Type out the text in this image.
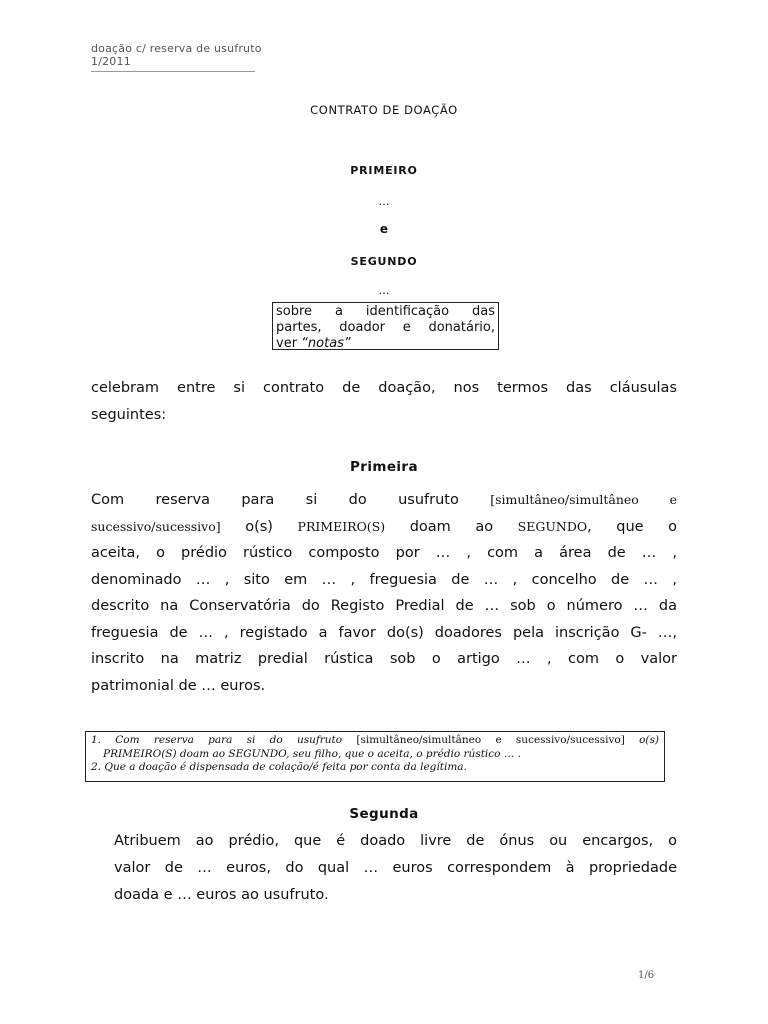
doação c/ reserva de usufruto
1/2011
CONTRATO DE DOAÇÃO
PRIMEIRO
…
e
SEGUNDO
…
sobre a identificação das
partes, doador e donatário,
ver “notas”
celebram entre si contrato de doação, nos termos das cláusulas
seguintes:
Primeira
Com reserva para si do usufruto [simultâneo/simultâneo e
sucessivo/sucessivo] o(s) PRIMEIRO(S) doam ao SEGUNDO, que o
aceita, o prédio rústico composto por … , com a área de … ,
denominado … , sito em … , freguesia de … , concelho de … ,
descrito na Conservatória do Registo Predial de … sob o número … da
freguesia de … , registado a favor do(s) doadores pela inscrição G- …,
inscrito na matriz predial rústica sob o artigo … , com o valor
patrimonial de … euros.
1. Com reserva para si do usufruto [simultâneo/simultâneo e sucessivo/sucessivo] o(s)
PRIMEIRO(S) doam ao SEGUNDO, seu filho, que o aceita, o prédio rústico … .
2. Que a doação é dispensada de colação/é feita por conta da legítima.
Segunda
Atribuem ao prédio, que é doado livre de ónus ou encargos, o
valor de … euros, do qual … euros correspondem à propriedade
doada e … euros ao usufruto.
1/6
